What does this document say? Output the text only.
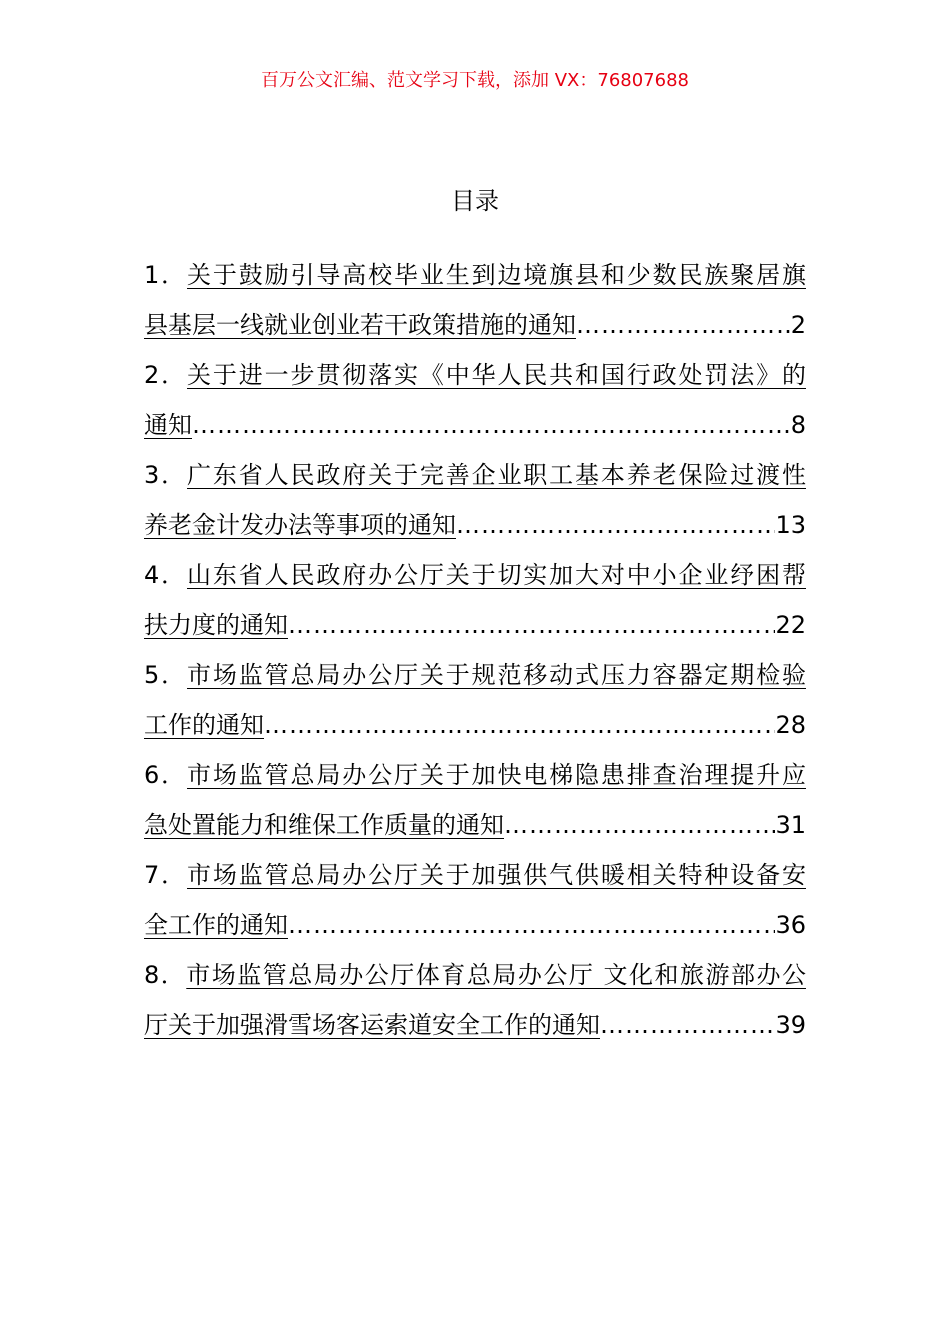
百万公文汇编、范文学习下载，添加 VX：76807688
目录
1．关于鼓励引导高校毕业生到边境旗县和少数民族聚居旗
县基层一线就业创业若干政策措施的通知 ……………………………………………………………………………………………………………………………………………………………………	2
2．关于进一步贯彻落实《中华人民共和国行政处罚法》的
通知 ……………………………………………………………………………………………………………………………………………………………………	8
3．广东省人民政府关于完善企业职工基本养老保险过渡性
养老金计发办法等事项的通知 ……………………………………………………………………………………………………………………………………………………………………	13
4．山东省人民政府办公厅关于切实加大对中小企业纾困帮
扶力度的通知 ……………………………………………………………………………………………………………………………………………………………………	22
5．市场监管总局办公厅关于规范移动式压力容器定期检验
工作的通知 ……………………………………………………………………………………………………………………………………………………………………	28
6．市场监管总局办公厅关于加快电梯隐患排查治理提升应
急处置能力和维保工作质量的通知 ……………………………………………………………………………………………………………………………………………………………………	31
7．市场监管总局办公厅关于加强供气供暖相关特种设备安
全工作的通知 ……………………………………………………………………………………………………………………………………………………………………	36
8．市场监管总局办公厅体育总局办公厅 文化和旅游部办公
厅关于加强滑雪场客运索道安全工作的通知 ……………………………………………………………………………………………………………………………………………………………………	39
